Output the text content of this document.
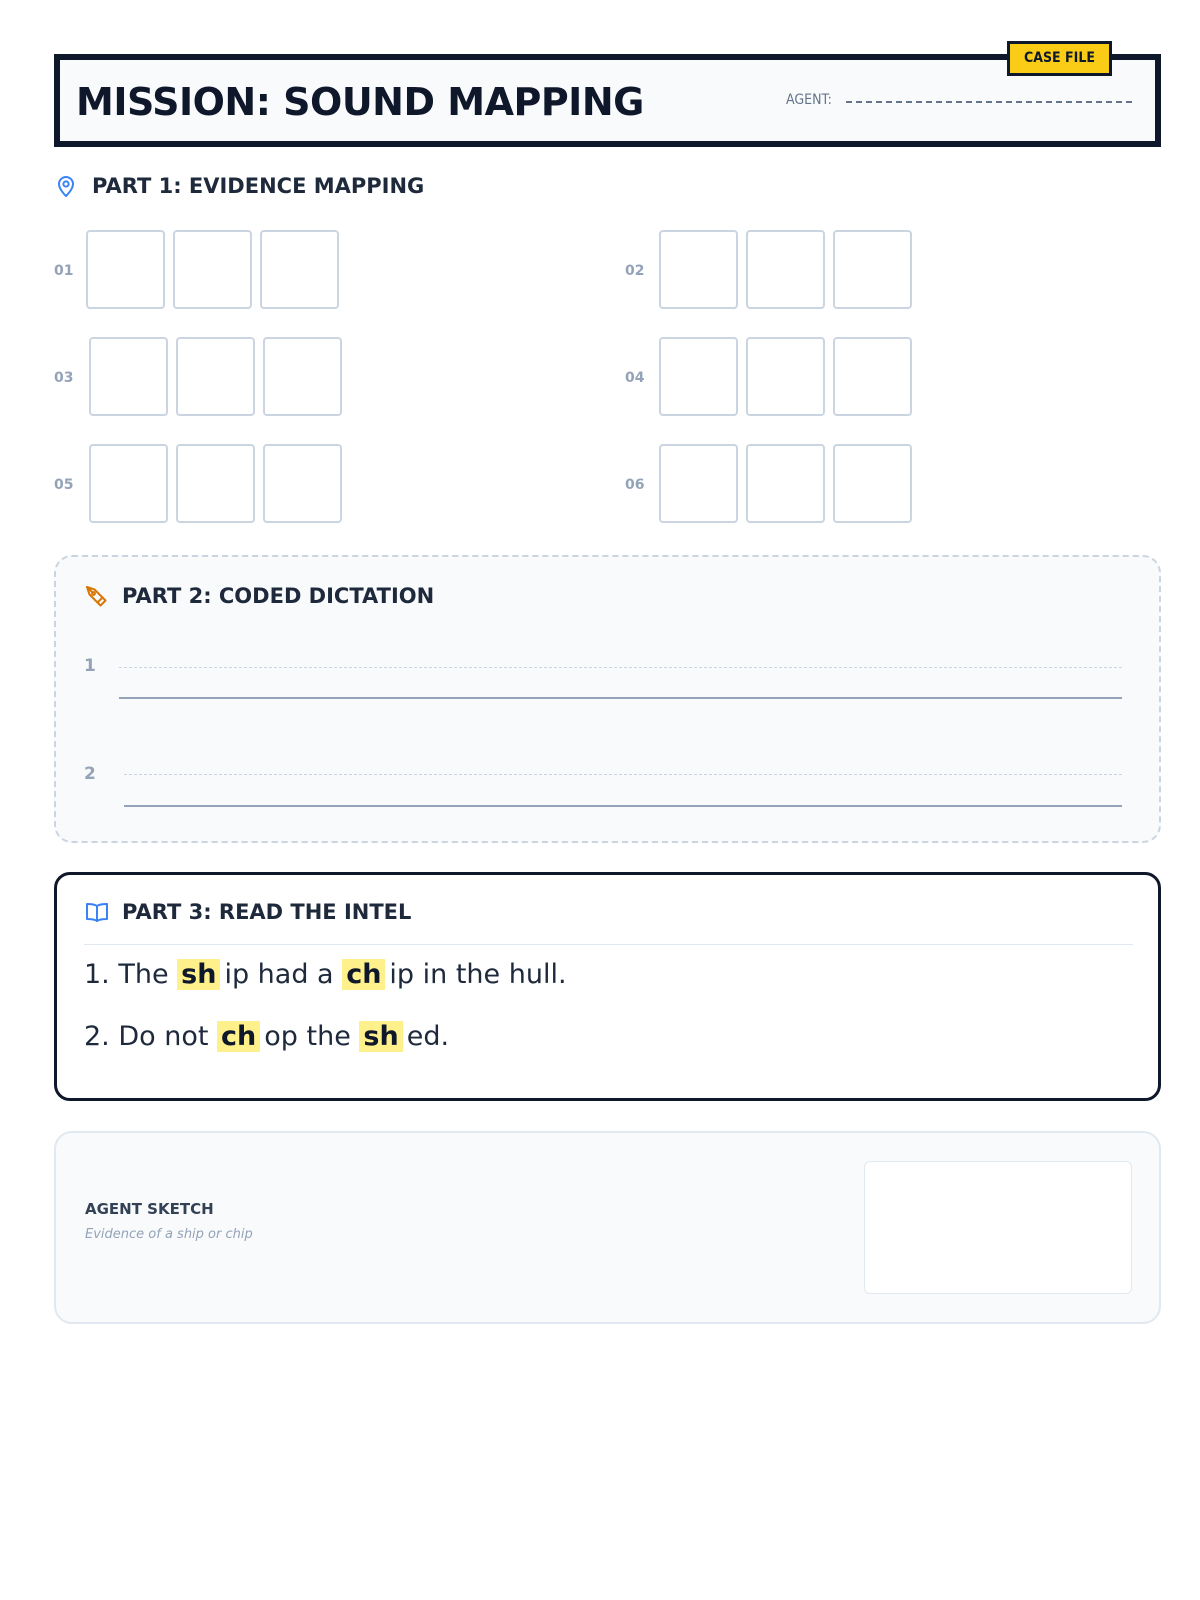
CASE FILE
MISSION: SOUND MAPPING	AGENT:
PART 1: EVIDENCE MAPPING
01	02
03	04
05	06
PART 2: CODED DICTATION
1
2
PART 3: READ THE INTEL
1. The sh ip had a ch ip in the hull.
2. Do not ch op the sh ed.
AGENT SKETCH
Evidence of a ship or chip
